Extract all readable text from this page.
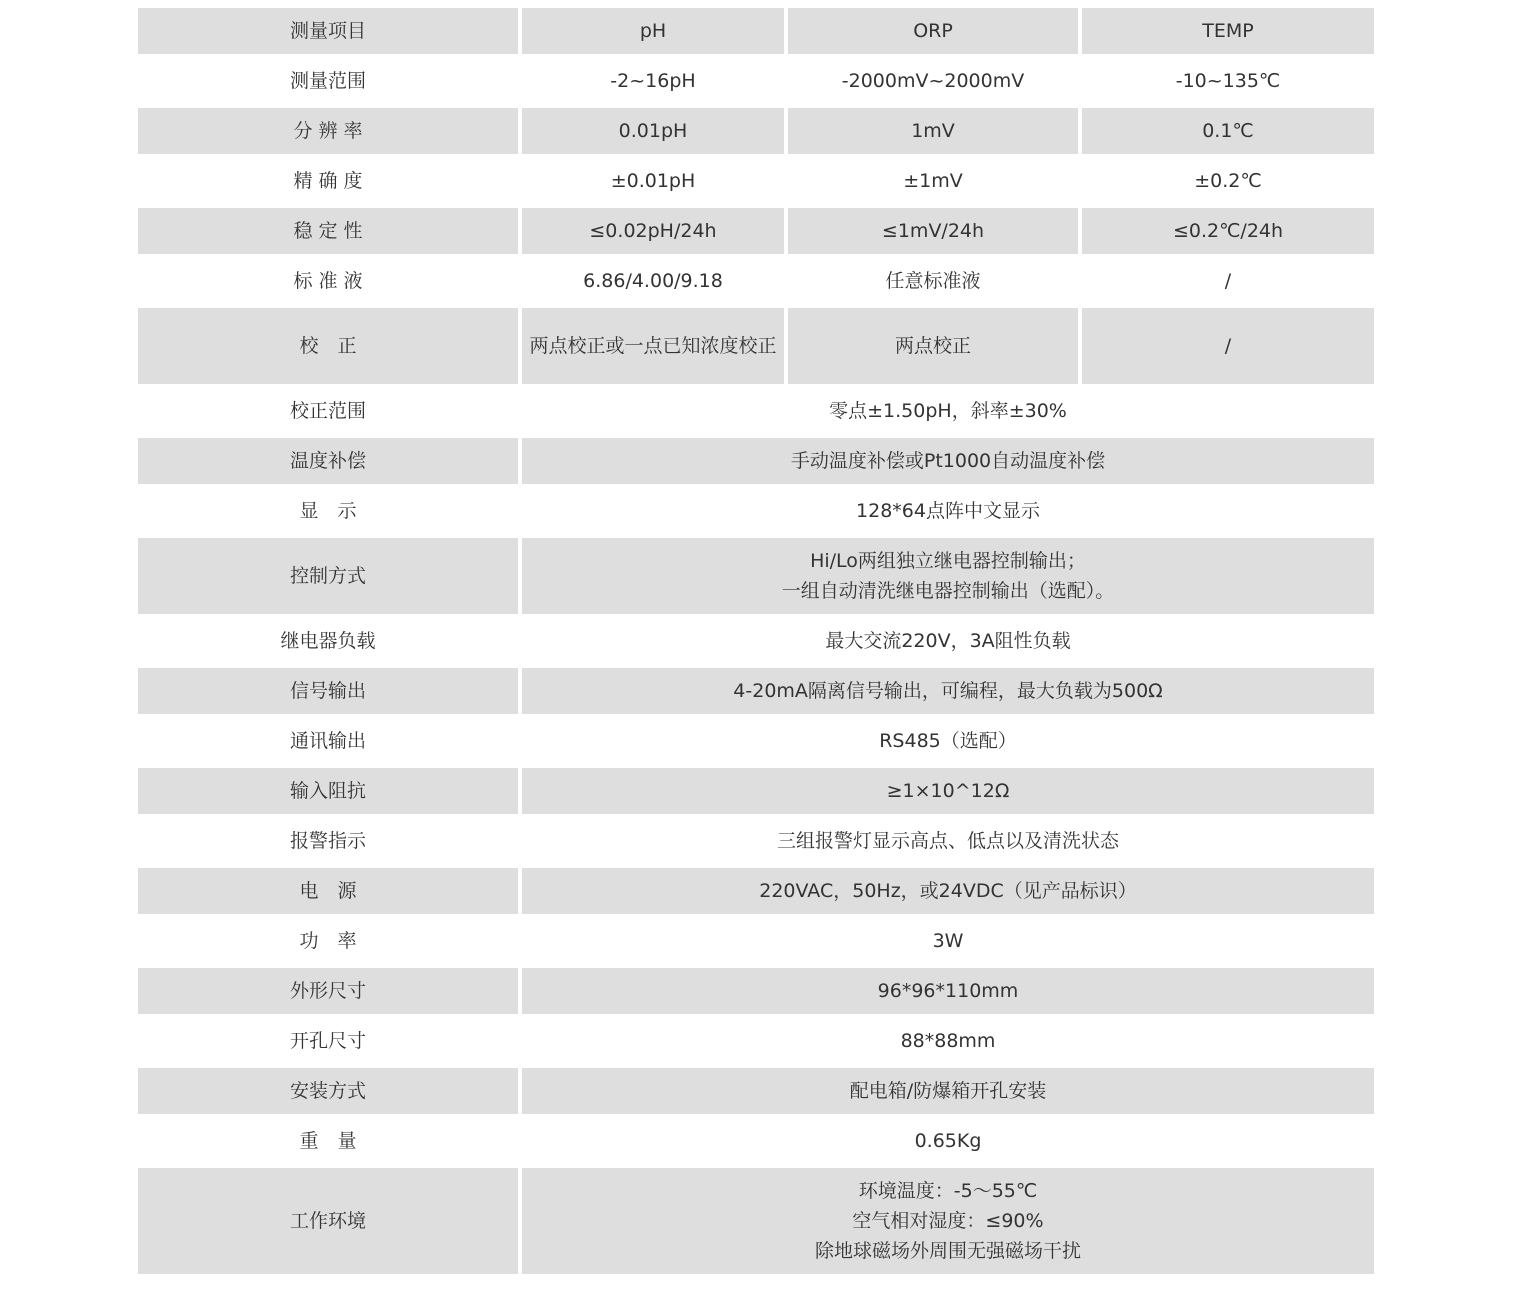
测量项目	pH	ORP	TEMP
测量范围	-2~16pH	-2000mV~2000mV	-10~135℃
分 辨 率	0.01pH	1mV	0.1℃
精 确 度	±0.01pH	±1mV	±0.2℃
稳 定 性	≤0.02pH/24h	≤1mV/24h	≤0.2℃/24h
标 准 液	6.86/4.00/9.18	任意标准液	/
校　正	两点校正或一点已知浓度校正	两点校正	/
校正范围	零点±1.50pH，斜率±30%		

温度补偿	手动温度补偿或Pt1000自动温度补偿		

显　示	128*64点阵中文显示		

控制方式	Hi/Lo两组独立继电器控制输出；
一组自动清洗继电器控制输出（选配）。		

继电器负载	最大交流220V，3A阻性负载		

信号输出	4-20mA隔离信号输出，可编程，最大负载为500Ω		

通讯输出	RS485（选配）		

输入阻抗	≥1×10^12Ω		

报警指示	三组报警灯显示高点、低点以及清洗状态		

电　源	220VAC，50Hz，或24VDC（见产品标识）		

功　率	3W		

外形尺寸	96*96*110mm		

开孔尺寸	88*88mm		

安装方式	配电箱/防爆箱开孔安装		

重　量	0.65Kg		

工作环境	环境温度：-5～55℃
空气相对湿度：≤90%
除地球磁场外周围无强磁场干扰		
